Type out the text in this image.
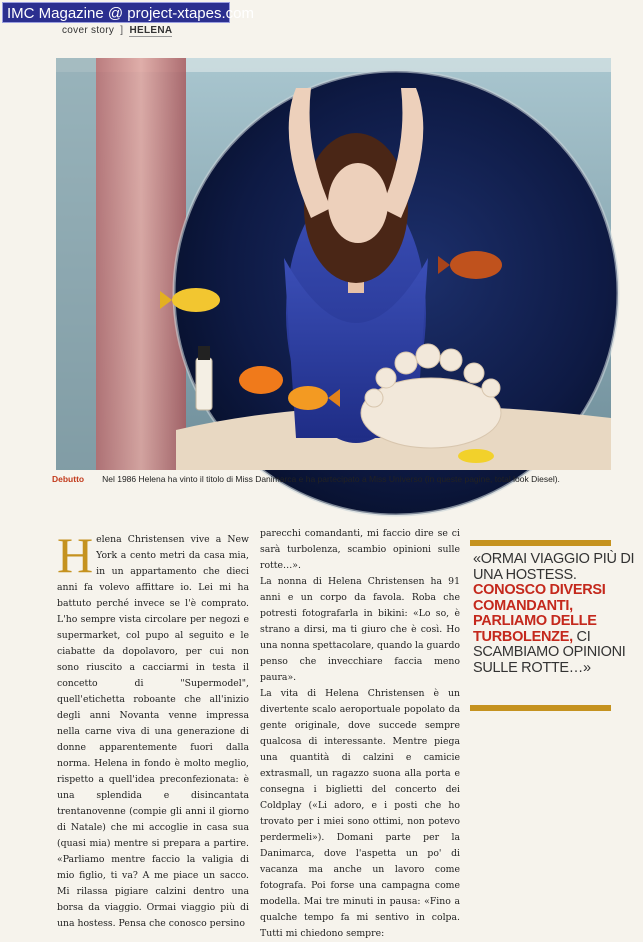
IMC Magazine @ project-xtapes.com
cover story ] HELENA
Debutto Nel 1986 Helena ha vinto il titolo di Miss Danimarca e ha partecipato a Miss Universo (in queste pagine, total look Diesel).
Helena Christensen vive a New York a cento metri da casa mia, in un appartamento che dieci anni fa volevo affittare io. Lei mi ha battuto perché invece se l'è comprato. L'ho sempre vista circolare per negozi e supermarket, col pupo al seguito e le ciabatte da dopolavoro, per cui non sono riuscito a cacciarmi in testa il concetto di "Supermodel", quell'etichetta roboante che all'inizio degli anni Novanta venne impressa nella carne viva di una generazione di donne apparentemente fuori dalla norma. Helena in fondo è molto meglio, rispetto a quell'idea preconfezionata: è una splendida e disincantata trentanovenne (compie gli anni il giorno di Natale) che mi accoglie in casa sua (quasi mia) mentre si prepara a partire. «Parliamo mentre faccio la valigia di mio figlio, ti va? A me piace un sacco. Mi rilassa pigiare calzini dentro una borsa da viaggio. Ormai viaggio più di una hostess. Pensa che conosco persino

parecchi comandanti, mi faccio dire se ci sarà turbolenza, scambio opinioni sulle rotte…».

La nonna di Helena Christensen ha 91 anni e un corpo da favola. Roba che potresti fotografarla in bikini: «Lo so, è strano a dirsi, ma ti giuro che è così. Ho una nonna spettacolare, quando la guardo penso che invecchiare faccia meno paura».

La vita di Helena Christensen è un divertente scalo aeroportuale popolato da gente originale, dove succede sempre qualcosa di interessante. Mentre piega una quantità di calzini e camicie extrasmall, un ragazzo suona alla porta e consegna i biglietti del concerto dei Coldplay («Li adoro, e i posti che ho trovato per i miei sono ottimi, non potevo perdermeli»). Domani parte per la Danimarca, dove l'aspetta un po' di vacanza ma anche un lavoro come fotografa. Poi forse una campagna come modella. Mai tre minuti in pausa: «Fino a qualche tempo fa mi sentivo in colpa. Tutti mi chiedono sempre:

«ORMAI VIAGGIO PIÙ DI UNA HOSTESS. CONOSCO DIVERSI COMANDANTI, PARLIAMO DELLE TURBOLENZE, CI SCAMBIAMO OPINIONI SULLE ROTTE…»
